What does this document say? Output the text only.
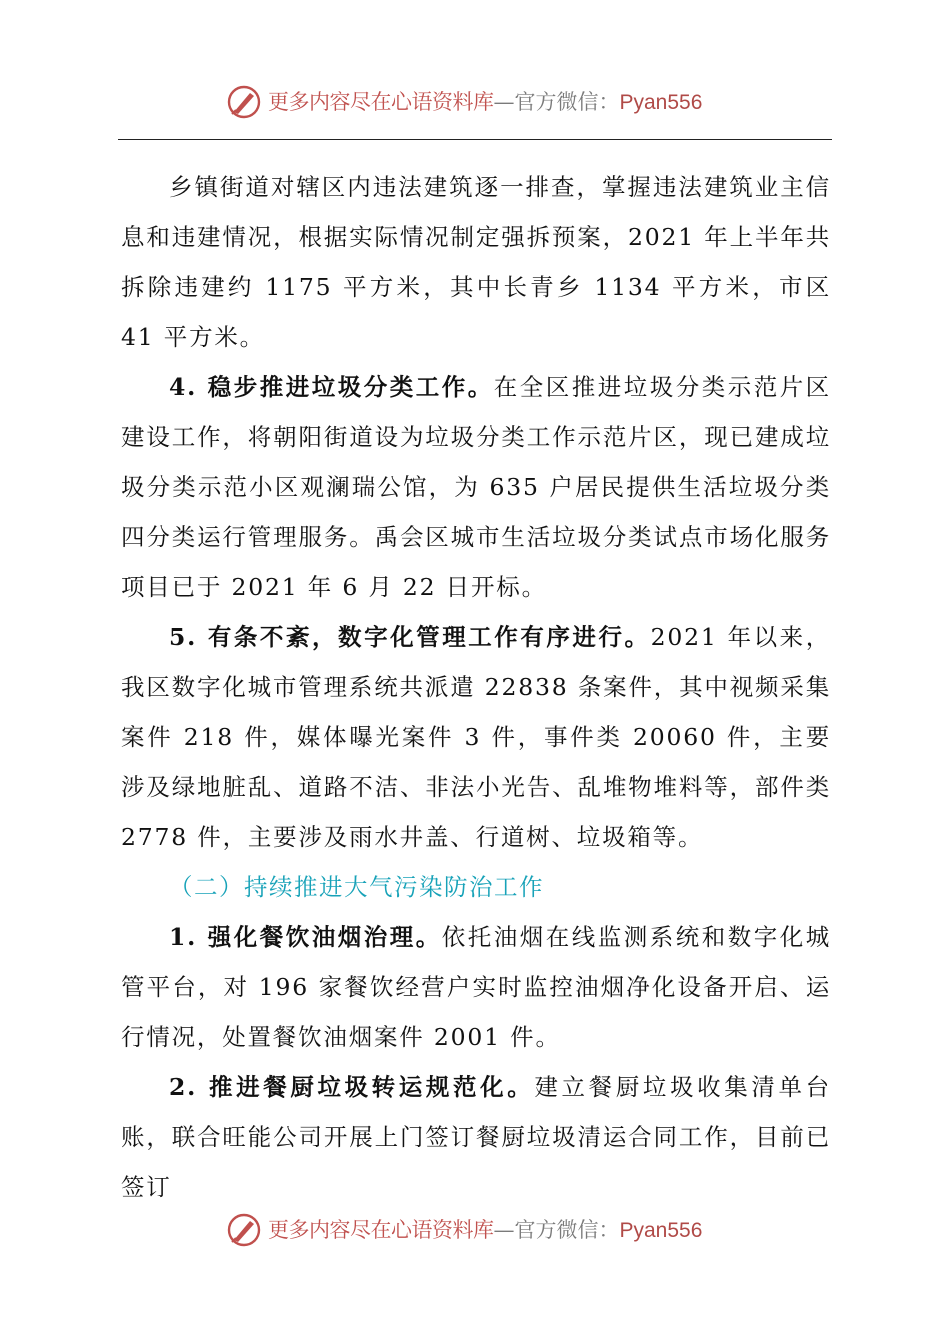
更多内容尽在心语资料库—官方微信：Pyan556

乡镇街道对辖区内违法建筑逐一排查，掌握违法建筑业主信息和违建情况，根据实际情况制定强拆预案，2021 年上半年共拆除违建约 1175 平方米，其中长青乡 1134 平方米，市区 41 平方米。

4. 稳步推进垃圾分类工作。在全区推进垃圾分类示范片区建设工作，将朝阳街道设为垃圾分类工作示范片区，现已建成垃圾分类示范小区观澜瑞公馆，为 635 户居民提供生活垃圾分类四分类运行管理服务。禹会区城市生活垃圾分类试点市场化服务项目已于 2021 年 6 月 22 日开标。

5. 有条不紊，数字化管理工作有序进行。2021 年以来，我区数字化城市管理系统共派遣 22838 条案件，其中视频采集案件 218 件，媒体曝光案件 3 件，事件类 20060 件，主要涉及绿地脏乱、道路不洁、非法小光告、乱堆物堆料等，部件类 2778 件，主要涉及雨水井盖、行道树、垃圾箱等。

（二）持续推进大气污染防治工作

1. 强化餐饮油烟治理。依托油烟在线监测系统和数字化城管平台，对 196 家餐饮经营户实时监控油烟净化设备开启、运行情况，处置餐饮油烟案件 2001 件。

2. 推进餐厨垃圾转运规范化。建立餐厨垃圾收集清单台账，联合旺能公司开展上门签订餐厨垃圾清运合同工作，目前已签订

更多内容尽在心语资料库—官方微信：Pyan556
